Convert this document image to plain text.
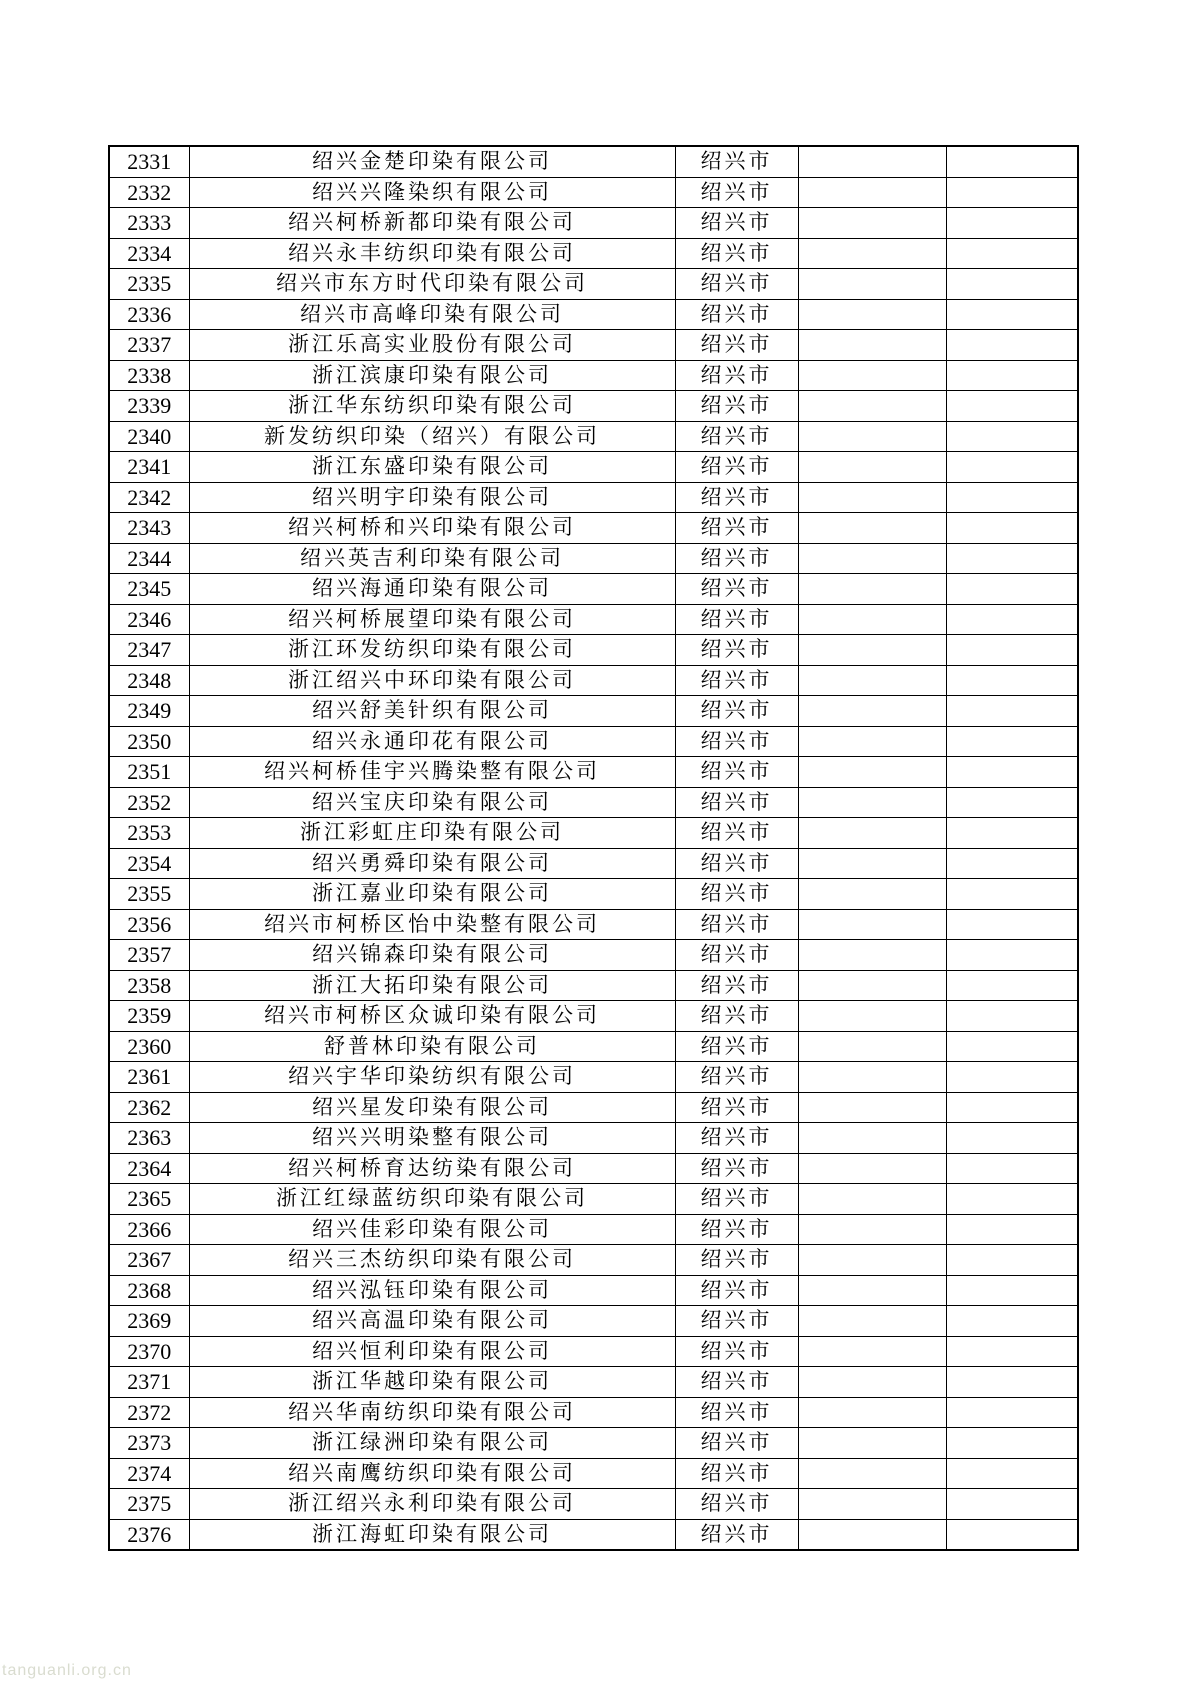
2331	绍兴金楚印染有限公司	绍兴市		
2332	绍兴兴隆染织有限公司	绍兴市		
2333	绍兴柯桥新都印染有限公司	绍兴市		
2334	绍兴永丰纺织印染有限公司	绍兴市		
2335	绍兴市东方时代印染有限公司	绍兴市		
2336	绍兴市高峰印染有限公司	绍兴市		
2337	浙江乐高实业股份有限公司	绍兴市		
2338	浙江滨康印染有限公司	绍兴市		
2339	浙江华东纺织印染有限公司	绍兴市		
2340	新发纺织印染（绍兴）有限公司	绍兴市		
2341	浙江东盛印染有限公司	绍兴市		
2342	绍兴明宇印染有限公司	绍兴市		
2343	绍兴柯桥和兴印染有限公司	绍兴市		
2344	绍兴英吉利印染有限公司	绍兴市		
2345	绍兴海通印染有限公司	绍兴市		
2346	绍兴柯桥展望印染有限公司	绍兴市		
2347	浙江环发纺织印染有限公司	绍兴市		
2348	浙江绍兴中环印染有限公司	绍兴市		
2349	绍兴舒美针织有限公司	绍兴市		
2350	绍兴永通印花有限公司	绍兴市		
2351	绍兴柯桥佳宇兴腾染整有限公司	绍兴市		
2352	绍兴宝庆印染有限公司	绍兴市		
2353	浙江彩虹庄印染有限公司	绍兴市		
2354	绍兴勇舜印染有限公司	绍兴市		
2355	浙江嘉业印染有限公司	绍兴市		
2356	绍兴市柯桥区怡中染整有限公司	绍兴市		
2357	绍兴锦森印染有限公司	绍兴市		
2358	浙江大拓印染有限公司	绍兴市		
2359	绍兴市柯桥区众诚印染有限公司	绍兴市		
2360	舒普林印染有限公司	绍兴市		
2361	绍兴宇华印染纺织有限公司	绍兴市		
2362	绍兴星发印染有限公司	绍兴市		
2363	绍兴兴明染整有限公司	绍兴市		
2364	绍兴柯桥育达纺染有限公司	绍兴市		
2365	浙江红绿蓝纺织印染有限公司	绍兴市		
2366	绍兴佳彩印染有限公司	绍兴市		
2367	绍兴三杰纺织印染有限公司	绍兴市		
2368	绍兴泓钰印染有限公司	绍兴市		
2369	绍兴高温印染有限公司	绍兴市		
2370	绍兴恒利印染有限公司	绍兴市		
2371	浙江华越印染有限公司	绍兴市		
2372	绍兴华南纺织印染有限公司	绍兴市		
2373	浙江绿洲印染有限公司	绍兴市		
2374	绍兴南鹰纺织印染有限公司	绍兴市		
2375	浙江绍兴永利印染有限公司	绍兴市		
2376	浙江海虹印染有限公司	绍兴市		
tanguanli.org.cn
